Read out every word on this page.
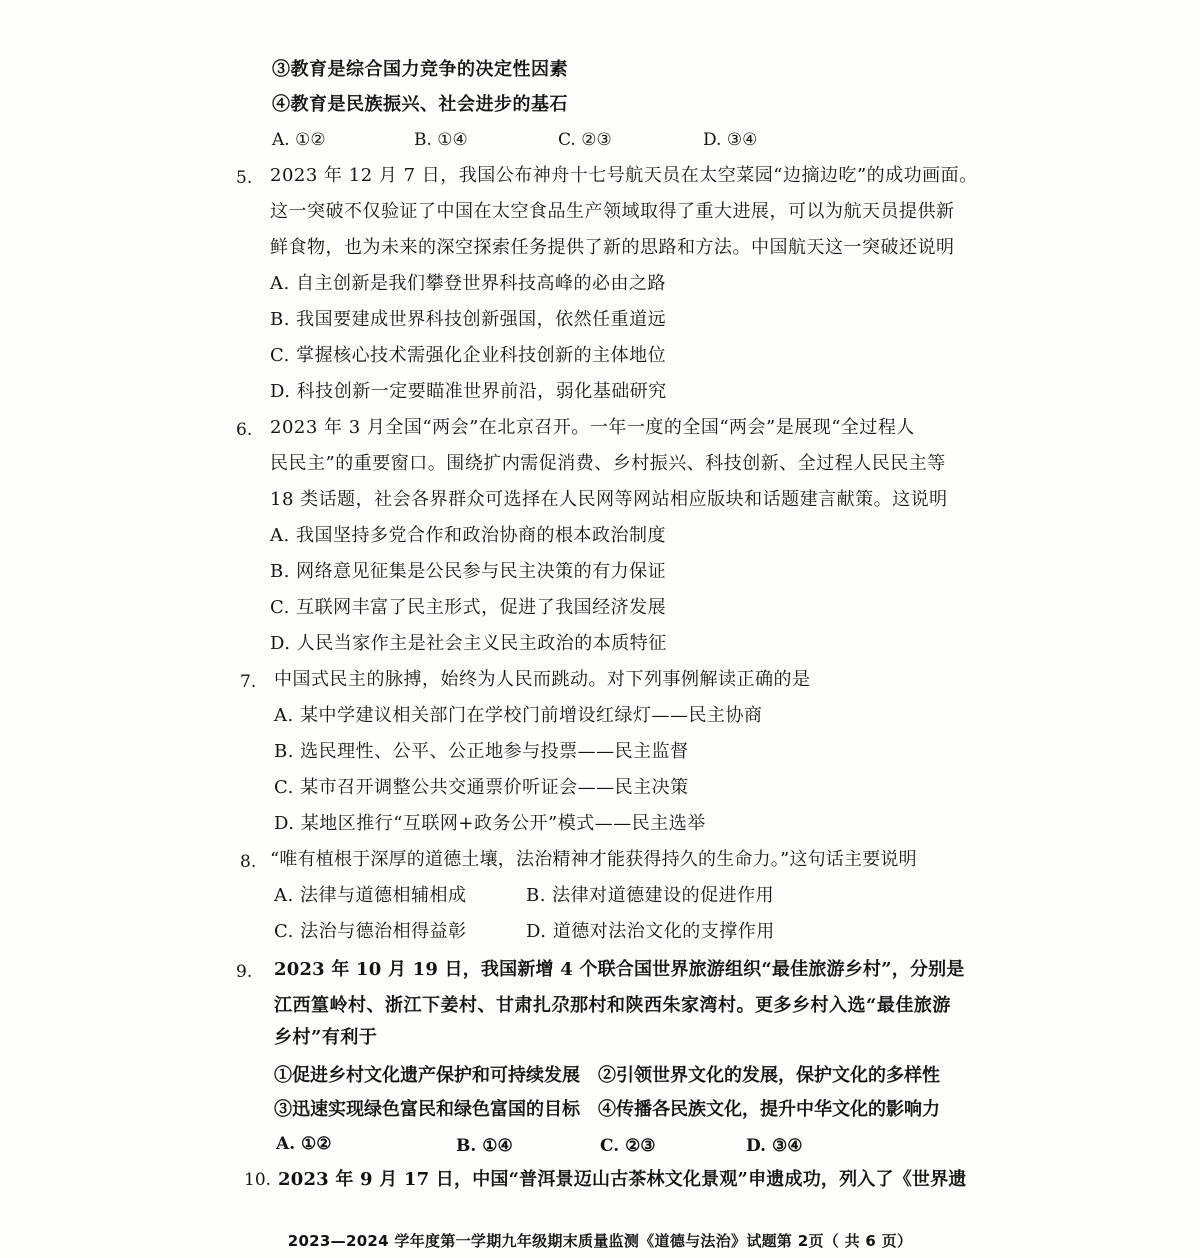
③教育是综合国力竞争的决定性因素
④教育是民族振兴、社会进步的基石
A. ①②	B. ①④	C. ②③	D. ③④
5. 2023 年 12 月 7 日，我国公布神舟十七号航天员在太空菜园“边摘边吃”的成功画面。
这一突破不仅验证了中国在太空食品生产领域取得了重大进展，可以为航天员提供新
鲜食物，也为未来的深空探索任务提供了新的思路和方法。中国航天这一突破还说明
A. 自主创新是我们攀登世界科技高峰的必由之路
B. 我国要建成世界科技创新强国，依然任重道远
C. 掌握核心技术需强化企业科技创新的主体地位
D. 科技创新一定要瞄准世界前沿，弱化基础研究
6. 2023 年 3 月全国“两会”在北京召开。一年一度的全国“两会”是展现“全过程人
民民主”的重要窗口。围绕扩内需促消费、乡村振兴、科技创新、全过程人民民主等
18 类话题，社会各界群众可选择在人民网等网站相应版块和话题建言献策。这说明
A. 我国坚持多党合作和政治协商的根本政治制度
B. 网络意见征集是公民参与民主决策的有力保证
C. 互联网丰富了民主形式，促进了我国经济发展
D. 人民当家作主是社会主义民主政治的本质特征
7. 中国式民主的脉搏，始终为人民而跳动。对下列事例解读正确的是
A. 某中学建议相关部门在学校门前增设红绿灯——民主协商
B. 选民理性、公平、公正地参与投票——民主监督
C. 某市召开调整公共交通票价听证会——民主决策
D. 某地区推行“互联网+政务公开”模式——民主选举
8. “唯有植根于深厚的道德土壤，法治精神才能获得持久的生命力。”这句话主要说明
A. 法律与道德相辅相成	B. 法律对道德建设的促进作用
C. 法治与德治相得益彰	D. 道德对法治文化的支撑作用
9. 2023 年 10 月 19 日，我国新增 4 个联合国世界旅游组织“最佳旅游乡村”，分别是
江西篁岭村、浙江下姜村、甘肃扎尕那村和陕西朱家湾村。更多乡村入选“最佳旅游
乡村”有利于
①促进乡村文化遗产保护和可持续发展 ②引领世界文化的发展，保护文化的多样性
③迅速实现绿色富民和绿色富国的目标 ④传播各民族文化，提升中华文化的影响力
A. ①②	B. ①④	C. ②③	D. ③④
10. 2023 年 9 月 17 日，中国“普洱景迈山古茶林文化景观”申遗成功，列入了《世界遗
2023—2024 学年度第一学期九年级期末质量监测《道德与法治》试题第 2页（ 共 6 页）
